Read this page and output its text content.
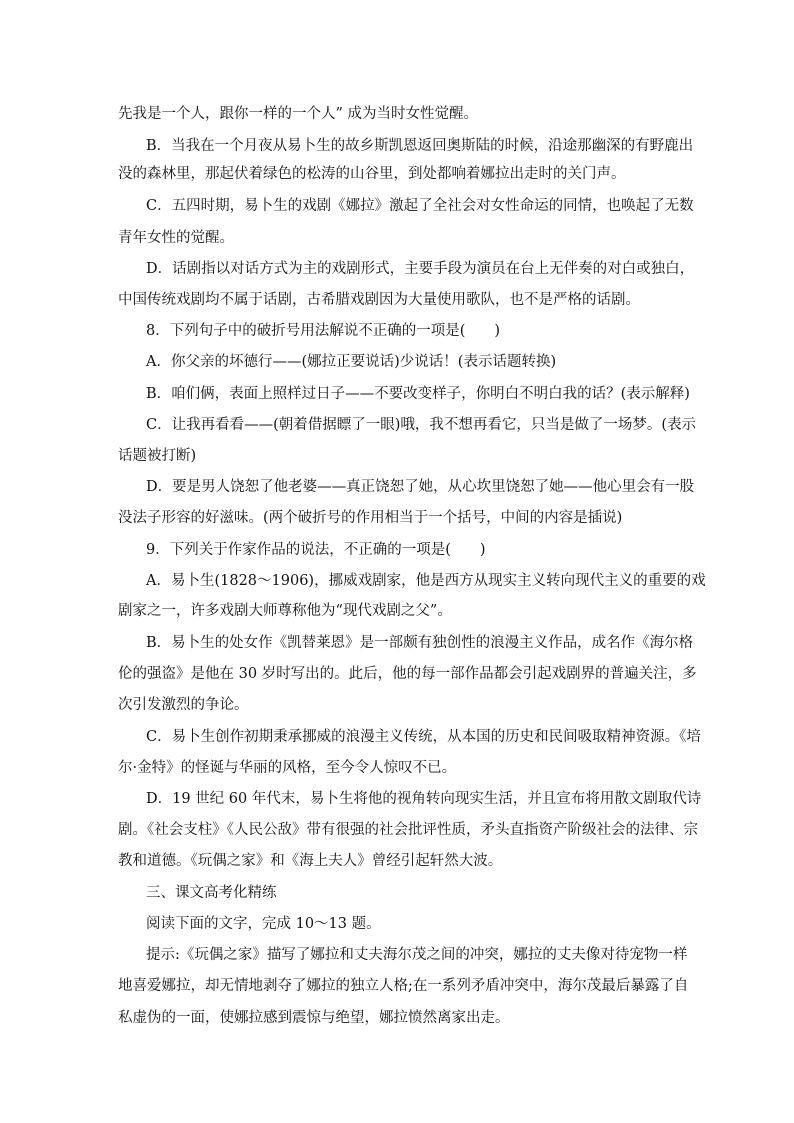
先我是一个人，跟你一样的一个人” 成为当时女性觉醒。
B．当我在一个月夜从易卜生的故乡斯凯恩返回奥斯陆的时候，沿途那幽深的有野鹿出
没的森林里，那起伏着绿色的松涛的山谷里，到处都响着娜拉出走时的关门声。
C．五四时期，易卜生的戏剧《娜拉》激起了全社会对女性命运的同情，也唤起了无数
青年女性的觉醒。
D．话剧指以对话方式为主的戏剧形式，主要手段为演员在台上无伴奏的对白或独白，
中国传统戏剧均不属于话剧，古希腊戏剧因为大量使用歌队，也不是严格的话剧。
8．下列句子中的破折号用法解说不正确的一项是(　　)
A．你父亲的坏德行——(娜拉正要说话)少说话！(表示话题转换)
B．咱们俩，表面上照样过日子——不要改变样子，你明白不明白我的话？(表示解释)
C．让我再看看——(朝着借据瞟了一眼)哦，我不想再看它，只当是做了一场梦。(表示
话题被打断)
D．要是男人饶恕了他老婆——真正饶恕了她，从心坎里饶恕了她——他心里会有一股
没法子形容的好滋味。(两个破折号的作用相当于一个括号，中间的内容是插说)
9．下列关于作家作品的说法，不正确的一项是(　　)
A．易卜生(1828～1906)，挪威戏剧家，他是西方从现实主义转向现代主义的重要的戏
剧家之一，许多戏剧大师尊称他为“现代戏剧之父”。
B．易卜生的处女作《凯替莱恩》是一部颇有独创性的浪漫主义作品，成名作《海尔格
伦的强盗》是他在 30 岁时写出的。此后，他的每一部作品都会引起戏剧界的普遍关注，多
次引发激烈的争论。
C．易卜生创作初期秉承挪威的浪漫主义传统，从本国的历史和民间吸取精神资源。《培
尔·金特》的怪诞与华丽的风格，至今令人惊叹不已。
D．19 世纪 60 年代末，易卜生将他的视角转向现实生活，并且宣布将用散文剧取代诗
剧。《社会支柱》《人民公敌》带有很强的社会批评性质，矛头直指资产阶级社会的法律、宗
教和道德。《玩偶之家》和《海上夫人》曾经引起轩然大波。
三、课文高考化精练
阅读下面的文字，完成 10～13 题。
提示:《玩偶之家》描写了娜拉和丈夫海尔茂之间的冲突，娜拉的丈夫像对待宠物一样
地喜爱娜拉，却无情地剥夺了娜拉的独立人格;在一系列矛盾冲突中，海尔茂最后暴露了自
私虚伪的一面，使娜拉感到震惊与绝望，娜拉愤然离家出走。
